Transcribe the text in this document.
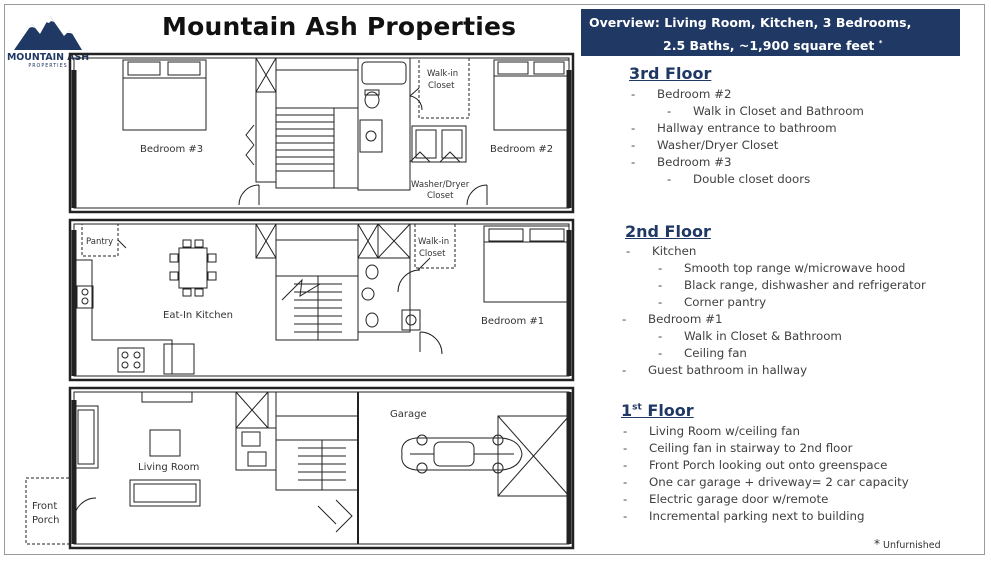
MOUNTAIN ASH
PROPERTIES
Mountain Ash Properties	Overview: Living Room, Kitchen, 3 Bedrooms,
2.5 Baths, ~1,900 square feet *
Bedroom #3	Bedroom #2
Walk-in
Closet
Washer/Dryer
Closet
Pantry
Eat-In Kitchen
Walk-in
Closet
Bedroom #1
Garage
Living Room
Front
Porch
3rd Floor
- Bedroom #2
- Walk in Closet and Bathroom
- Hallway entrance to bathroom
- Washer/Dryer Closet
- Bedroom #3
- Double closet doors
2nd Floor
- Kitchen
- Smooth top range w/microwave hood
- Black range, dishwasher and refrigerator
- Corner pantry
- Bedroom #1
- Walk in Closet & Bathroom
- Ceiling fan
- Guest bathroom in hallway
1st Floor
- Living Room w/ceiling fan
- Ceiling fan in stairway to 2nd floor
- Front Porch looking out onto greenspace
- One car garage + driveway= 2 car capacity
- Electric garage door w/remote
- Incremental parking next to building
* Unfurnished
